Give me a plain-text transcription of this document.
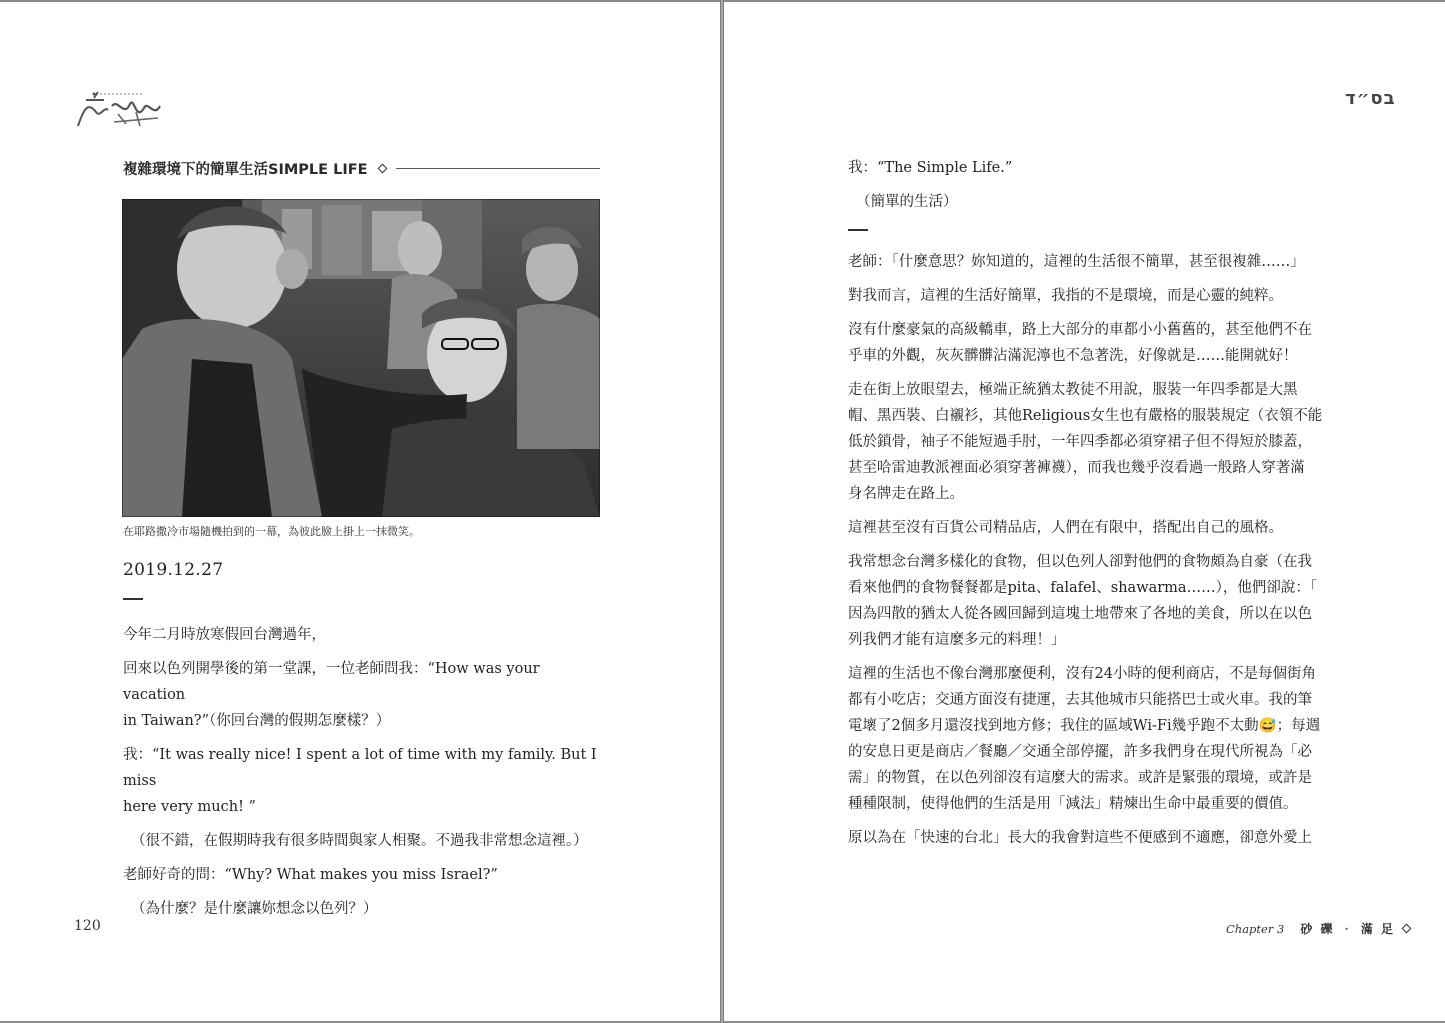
複雜環境下的簡單生活SIMPLE LIFE
在耶路撒冷市場隨機拍到的一幕，為彼此臉上掛上一抹微笑。
2019.12.27

今年二月時放寒假回台灣過年，

回來以色列開學後的第一堂課，一位老師問我：“How was your vacation
in Taiwan?”（你回台灣的假期怎麼樣？）

我：“It was really nice! I spent a lot of time with my family. But I miss
here very much! ”

（很不錯，在假期時我有很多時間與家人相聚。不過我非常想念這裡。）

老師好奇的問：“Why? What makes you miss Israel?”

（為什麼？是什麼讓妳想念以色列？）

120
בס״ד

我：“The Simple Life.”

（簡單的生活）

老師：「什麼意思？妳知道的，這裡的生活很不簡單，甚至很複雜……」

對我而言，這裡的生活好簡單，我指的不是環境，而是心靈的純粹。

沒有什麼豪氣的高級轎車，路上大部分的車都小小舊舊的，甚至他們不在
乎車的外觀，灰灰髒髒沾滿泥濘也不急著洗，好像就是……能開就好！

走在街上放眼望去，極端正統猶太教徒不用說，服裝一年四季都是大黑
帽、黑西裝、白襯衫，其他Religious女生也有嚴格的服裝規定（衣領不能
低於鎖骨，袖子不能短過手肘，一年四季都必須穿裙子但不得短於膝蓋，
甚至哈雷迪教派裡面必須穿著褲襪），而我也幾乎沒看過一般路人穿著滿
身名牌走在路上。

這裡甚至沒有百貨公司精品店，人們在有限中，搭配出自己的風格。

我常想念台灣多樣化的食物，但以色列人卻對他們的食物頗為自豪（在我
看來他們的食物餐餐都是pita、falafel、shawarma……），他們卻說：「
因為四散的猶太人從各國回歸到這塊土地帶來了各地的美食，所以在以色
列我們才能有這麼多元的料理！」

這裡的生活也不像台灣那麼便利，沒有24小時的便利商店，不是每個街角
都有小吃店；交通方面沒有捷運，去其他城市只能搭巴士或火車。我的筆
電壞了2個多月還沒找到地方修；我住的區域Wi-Fi幾乎跑不太動😅；每週
的安息日更是商店／餐廳／交通全部停擺，許多我們身在現代所視為「必
需」的物質，在以色列卻沒有這麼大的需求。或許是緊張的環境，或許是
種種限制，使得他們的生活是用「減法」精煉出生命中最重要的價值。

原以為在「快速的台北」長大的我會對這些不便感到不適應，卻意外愛上

Chapter 3 砂 礫 ‧ 滿 足
